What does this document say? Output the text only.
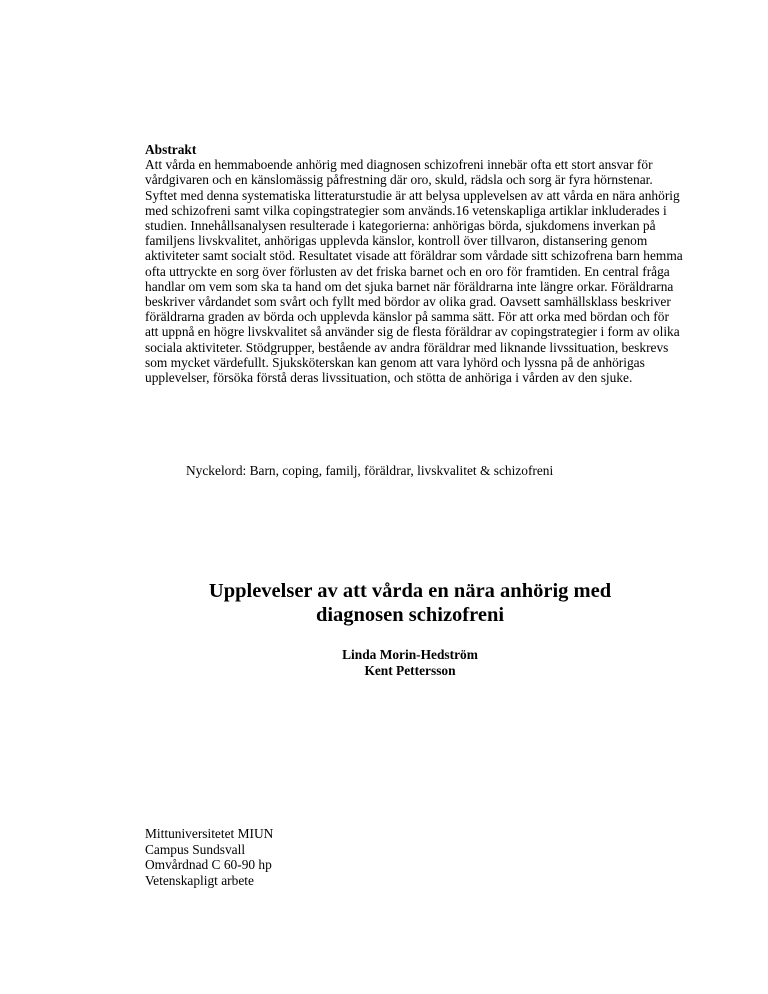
Abstrakt
Att vårda en hemmaboende anhörig med diagnosen schizofreni innebär ofta ett stort ansvar för vårdgivaren och en känslomässig påfrestning där oro, skuld, rädsla och sorg är fyra hörnstenar. Syftet med denna systematiska litteraturstudie är att belysa upplevelsen av att vårda en nära anhörig med schizofreni samt vilka copingstrategier som används.16 vetenskapliga artiklar inkluderades i studien. Innehållsanalysen resulterade i kategorierna: anhörigas börda, sjukdomens inverkan på familjens livskvalitet, anhörigas upplevda känslor, kontroll över tillvaron, distansering genom aktiviteter samt socialt stöd. Resultatet visade att föräldrar som vårdade sitt schizofrena barn hemma ofta uttryckte en sorg över förlusten av det friska barnet och en oro för framtiden. En central fråga handlar om vem som ska ta hand om det sjuka barnet när föräldrarna inte längre orkar. Föräldrarna beskriver vårdandet som svårt och fyllt med bördor av olika grad. Oavsett samhällsklass beskriver föräldrarna graden av börda och upplevda känslor på samma sätt. För att orka med bördan och för att uppnå en högre livskvalitet så använder sig de flesta föräldrar av copingstrategier i form av olika sociala aktiviteter. Stödgrupper, bestående av andra föräldrar med liknande livssituation, beskrevs som mycket värdefullt. Sjuksköterskan kan genom att vara lyhörd och lyssna på de anhörigas upplevelser, försöka förstå deras livssituation, och stötta de anhöriga i vården av den sjuke.
Nyckelord: Barn, coping, familj, föräldrar, livskvalitet & schizofreni
Upplevelser av att vårda en nära anhörig med
diagnosen schizofreni
Linda Morin-Hedström
Kent Pettersson
Mittuniversitetet MIUN
Campus Sundsvall
Omvårdnad C 60-90 hp
Vetenskapligt arbete
